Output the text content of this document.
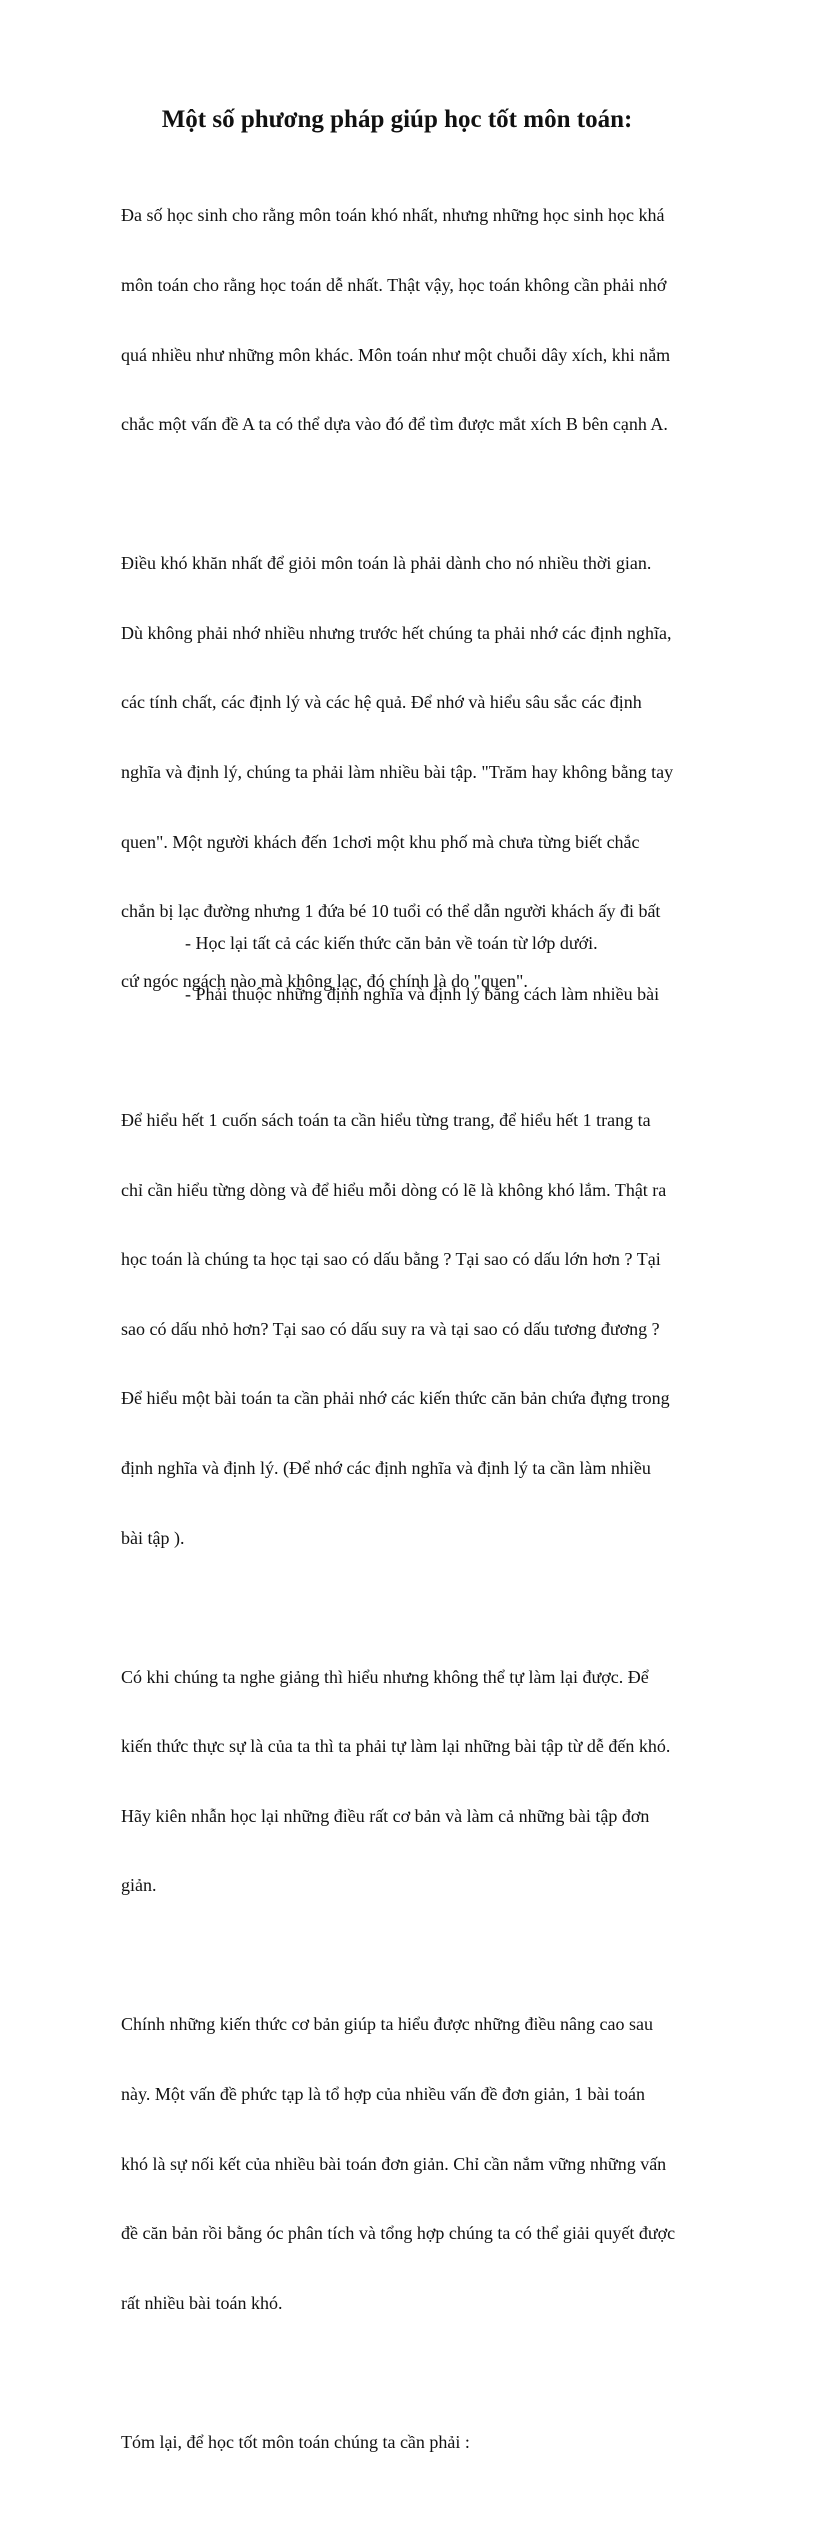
Một số phương pháp giúp học tốt môn toán:

Đa số học sinh cho rằng môn toán khó nhất, nhưng những học sinh học khá

môn toán cho rằng học toán dễ nhất. Thật vậy, học toán không cần phải nhớ

quá nhiều như những môn khác. Môn toán như một chuỗi dây xích, khi nắm

chắc một vấn đề A ta có thể dựa vào đó để tìm được mắt xích B bên cạnh A.

Điều khó khăn nhất để giỏi môn toán là phải dành cho nó nhiều thời gian.

Dù không phải nhớ nhiều nhưng trước hết chúng ta phải nhớ các định nghĩa,

các tính chất, các định lý và các hệ quả. Để nhớ và hiểu sâu sắc các định

nghĩa và định lý, chúng ta phải làm nhiều bài tập. "Trăm hay không bằng tay

quen". Một người khách đến 1chơi một khu phố mà chưa từng biết chắc

chắn bị lạc đường nhưng 1 đứa bé 10 tuổi có thể dẫn người khách ấy đi bất

cứ ngóc ngách nào mà không lạc, đó chính là do "quen".

Để hiểu hết 1 cuốn sách toán ta cần hiểu từng trang, để hiểu hết 1 trang ta

chỉ cần hiểu từng dòng và để hiểu mỗi dòng có lẽ là không khó lắm. Thật ra

học toán là chúng ta học tại sao có dấu bằng ? Tại sao có dấu lớn hơn ? Tại

sao có dấu nhỏ hơn? Tại sao có dấu suy ra và tại sao có dấu tương đương ?

Để hiểu một bài toán ta cần phải nhớ các kiến thức căn bản chứa đựng trong

định nghĩa và định lý. (Để nhớ các định nghĩa và định lý ta cần làm nhiều

bài tập ).

Có khi chúng ta nghe giảng thì hiểu nhưng không thể tự làm lại được. Để

kiến thức thực sự là của ta thì ta phải tự làm lại những bài tập từ dễ đến khó.

Hãy kiên nhẫn học lại những điều rất cơ bản và làm cả những bài tập đơn

giản.

Chính những kiến thức cơ bản giúp ta hiểu được những điều nâng cao sau

này. Một vấn đề phức tạp là tổ hợp của nhiều vấn đề đơn giản, 1 bài toán

khó là sự nối kết của nhiều bài toán đơn giản. Chỉ cần nắm vững những vấn

đề căn bản rồi bằng óc phân tích và tổng hợp chúng ta có thể giải quyết được

rất nhiều bài toán khó.

Tóm lại, để học tốt môn toán chúng ta cần phải :

- Học lại tất cả các kiến thức căn bản về toán từ lớp dưới.
- Phải thuộc những định nghĩa và định lý bằng cách làm nhiều bài
